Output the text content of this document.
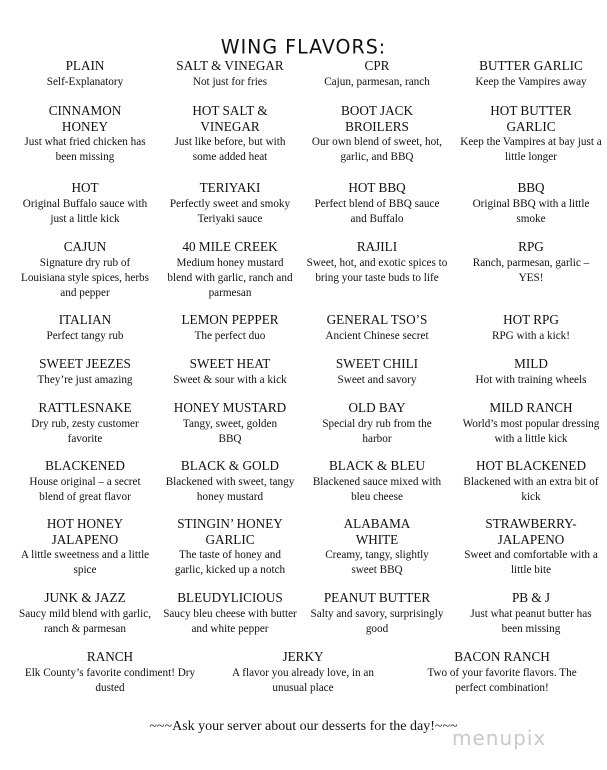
WING FLAVORS:
PLAIN
Self-Explanatory
SALT & VINEGAR
Not just for fries
CPR
Cajun, parmesan, ranch
BUTTER GARLIC
Keep the Vampires away
CINNAMON HONEY
Just what fried chicken has been missing
HOT SALT & VINEGAR
Just like before, but with some added heat
BOOT JACK BROILERS
Our own blend of sweet, hot, garlic, and BBQ
HOT BUTTER GARLIC
Keep the Vampires at bay just a little longer
HOT
Original Buffalo sauce with just a little kick
TERIYAKI
Perfectly sweet and smoky Teriyaki sauce
HOT BBQ
Perfect blend of BBQ sauce and Buffalo
BBQ
Original BBQ with a little smoke
CAJUN
Signature dry rub of Louisiana style spices, herbs and pepper
40 MILE CREEK
Medium honey mustard blend with garlic, ranch and parmesan
RAJILI
Sweet, hot, and exotic spices to bring your taste buds to life
RPG
Ranch, parmesan, garlic – YES!
ITALIAN
Perfect tangy rub
LEMON PEPPER
The perfect duo
GENERAL TSO’S
Ancient Chinese secret
HOT RPG
RPG with a kick!
SWEET JEEZES
They’re just amazing
SWEET HEAT
Sweet & sour with a kick
SWEET CHILI
Sweet and savory
MILD
Hot with training wheels
RATTLESNAKE
Dry rub, zesty customer favorite
HONEY MUSTARD
Tangy, sweet, golden BBQ
OLD BAY
Special dry rub from the harbor
MILD RANCH
World’s most popular dressing with a little kick
BLACKENED
House original – a secret blend of great flavor
BLACK & GOLD
Blackened with sweet, tangy honey mustard
BLACK & BLEU
Blackened sauce mixed with bleu cheese
HOT BLACKENED
Blackened with an extra bit of kick
HOT HONEY JALAPENO
A little sweetness and a little spice
STINGIN’ HONEY GARLIC
The taste of honey and garlic, kicked up a notch
ALABAMA WHITE
Creamy, tangy, slightly sweet BBQ
STRAWBERRY-JALAPENO
Sweet and comfortable with a little bite
JUNK & JAZZ
Saucy mild blend with garlic, ranch & parmesan
BLEUDYLICIOUS
Saucy bleu cheese with butter and white pepper
PEANUT BUTTER
Salty and savory, surprisingly good
PB & J
Just what peanut butter has been missing
RANCH
Elk County’s favorite condiment! Dry dusted
JERKY
A flavor you already love, in an unusual place
BACON RANCH
Two of your favorite flavors. The perfect combination!
~~~Ask your server about our desserts for the day!~~~
menupix
